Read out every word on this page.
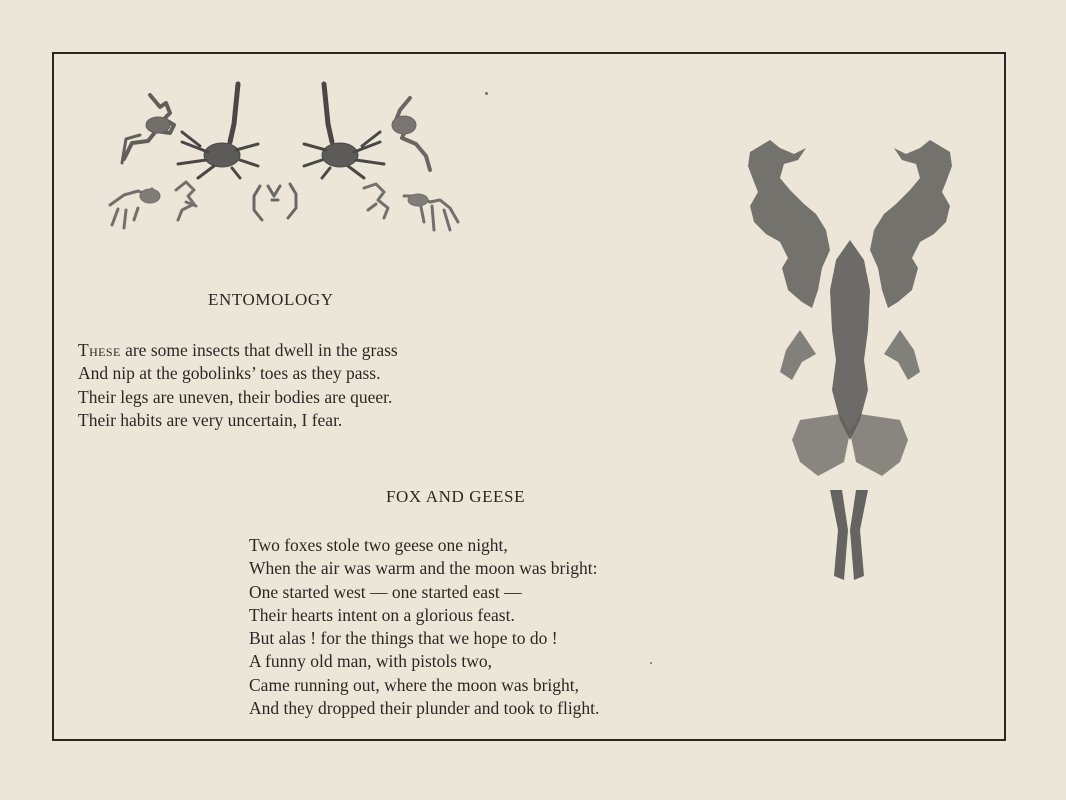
ENTOMOLOGY
These are some insects that dwell in the grass
And nip at the gobolinks’ toes as they pass.
Their legs are uneven, their bodies are queer.
Their habits are very uncertain, I fear.
FOX AND GEESE
Two foxes stole two geese one night,
When the air was warm and the moon was bright:
One started west — one started east —
Their hearts intent on a glorious feast.
But alas ! for the things that we hope to do !
A funny old man, with pistols two,
Came running out, where the moon was bright,
And they dropped their plunder and took to flight.
